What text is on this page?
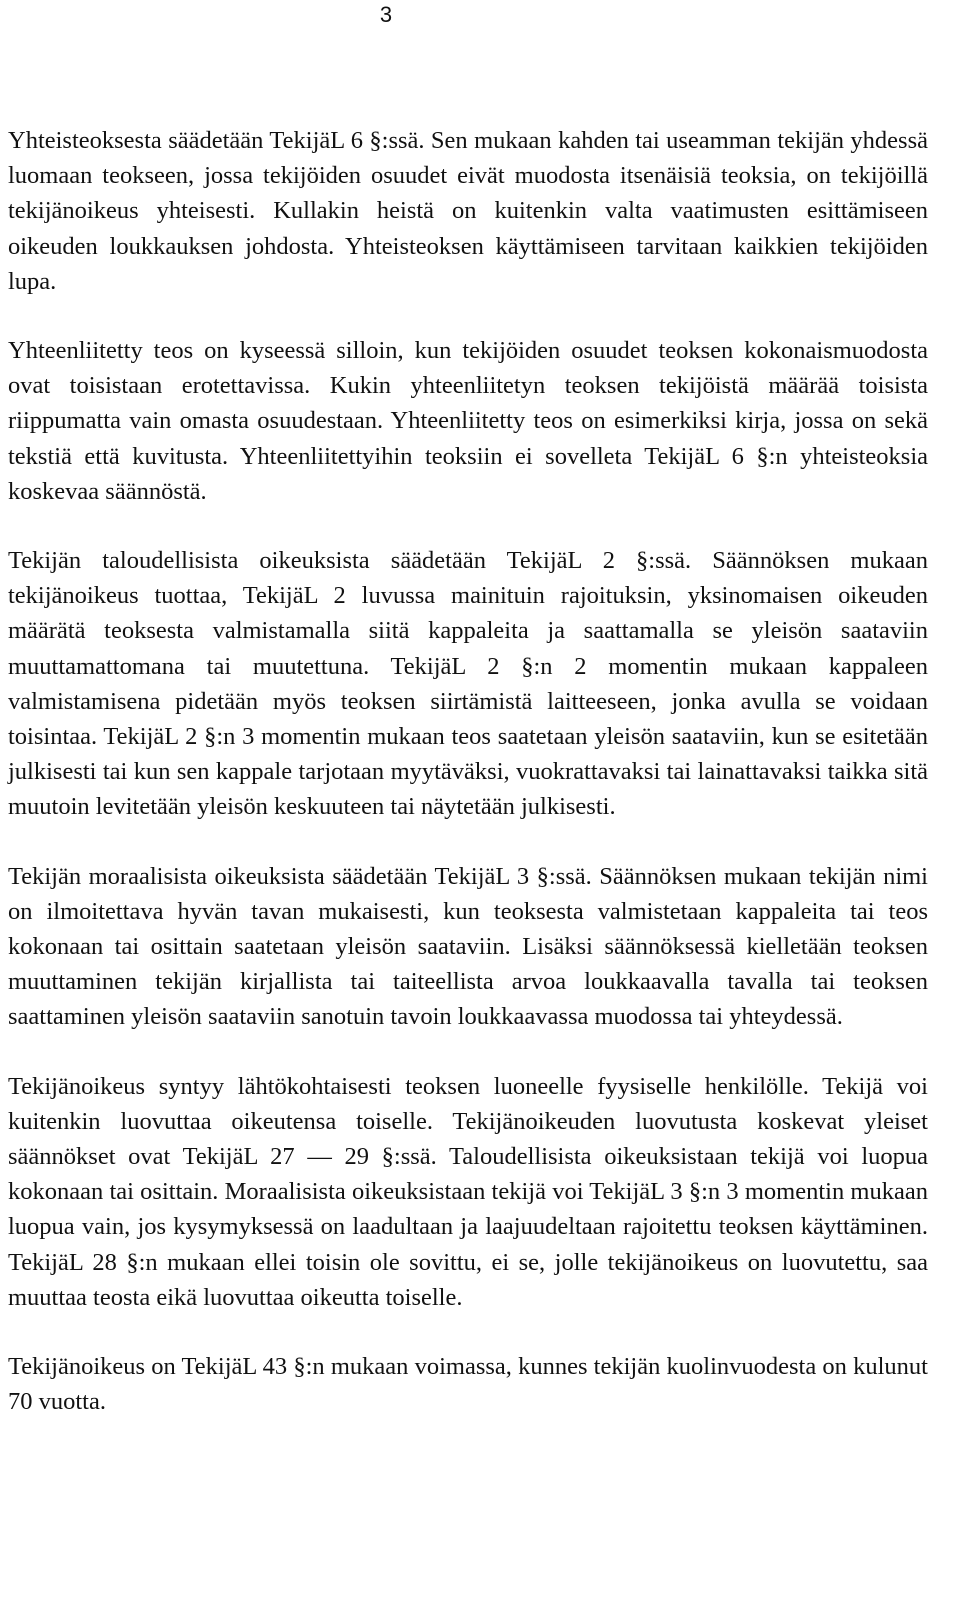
3

Yhteisteoksesta säädetään TekijäL 6 §:ssä. Sen mukaan kahden tai useamman tekijän yhdessä luomaan teokseen, jossa tekijöiden osuudet eivät muodosta itsenäisiä teoksia, on tekijöillä tekijänoikeus yhteisesti. Kullakin heistä on kuitenkin valta vaatimusten esittämiseen oikeuden loukkauksen johdosta. Yhteisteoksen käyttämiseen tarvitaan kaikkien tekijöiden lupa.

Yhteenliitetty teos on kyseessä silloin, kun tekijöiden osuudet teoksen kokonaismuodosta ovat toisistaan erotettavissa. Kukin yhteenliitetyn teoksen tekijöistä määrää toisista riippumatta vain omasta osuudestaan. Yhteenliitetty teos on esimerkiksi kirja, jossa on sekä tekstiä että kuvitusta. Yhteenliitettyihin teoksiin ei sovelleta TekijäL 6 §:n yhteisteoksia koskevaa säännöstä.

Tekijän taloudellisista oikeuksista säädetään TekijäL 2 §:ssä. Säännöksen mukaan tekijänoikeus tuottaa, TekijäL 2 luvussa mainituin rajoituksin, yksinomaisen oikeuden määrätä teoksesta valmistamalla siitä kappaleita ja saattamalla se yleisön saataviin muuttamattomana tai muutettuna. TekijäL 2 §:n 2 momentin mukaan kappaleen valmistamisena pidetään myös teoksen siirtämistä laitteeseen, jonka avulla se voidaan toisintaa. TekijäL 2 §:n 3 momentin mukaan teos saatetaan yleisön saataviin, kun se esitetään julkisesti tai kun sen kappale tarjotaan myytäväksi, vuokrattavaksi tai lainattavaksi taikka sitä muutoin levitetään yleisön keskuuteen tai näytetään julkisesti.

Tekijän moraalisista oikeuksista säädetään TekijäL 3 §:ssä. Säännöksen mukaan tekijän nimi on ilmoitettava hyvän tavan mukaisesti, kun teoksesta valmistetaan kappaleita tai teos kokonaan tai osittain saatetaan yleisön saataviin. Lisäksi säännöksessä kielletään teoksen muuttaminen tekijän kirjallista tai taiteellista arvoa loukkaavalla tavalla tai teoksen saattaminen yleisön saataviin sanotuin tavoin loukkaavassa muodossa tai yhteydessä.

Tekijänoikeus syntyy lähtökohtaisesti teoksen luoneelle fyysiselle henkilölle. Tekijä voi kuitenkin luovuttaa oikeutensa toiselle. Tekijänoikeuden luovutusta koskevat yleiset säännökset ovat TekijäL 27 — 29 §:ssä. Taloudellisista oikeuksistaan tekijä voi luopua kokonaan tai osittain. Moraalisista oikeuksistaan tekijä voi TekijäL 3 §:n 3 momentin mukaan luopua vain, jos kysymyksessä on laadultaan ja laajuudeltaan rajoitettu teoksen käyttäminen. TekijäL 28 §:n mukaan ellei toisin ole sovittu, ei se, jolle tekijänoikeus on luovutettu, saa muuttaa teosta eikä luovuttaa oikeutta toiselle.

Tekijänoikeus on TekijäL 43 §:n mukaan voimassa, kunnes tekijän kuolinvuodesta on kulunut 70 vuotta.
